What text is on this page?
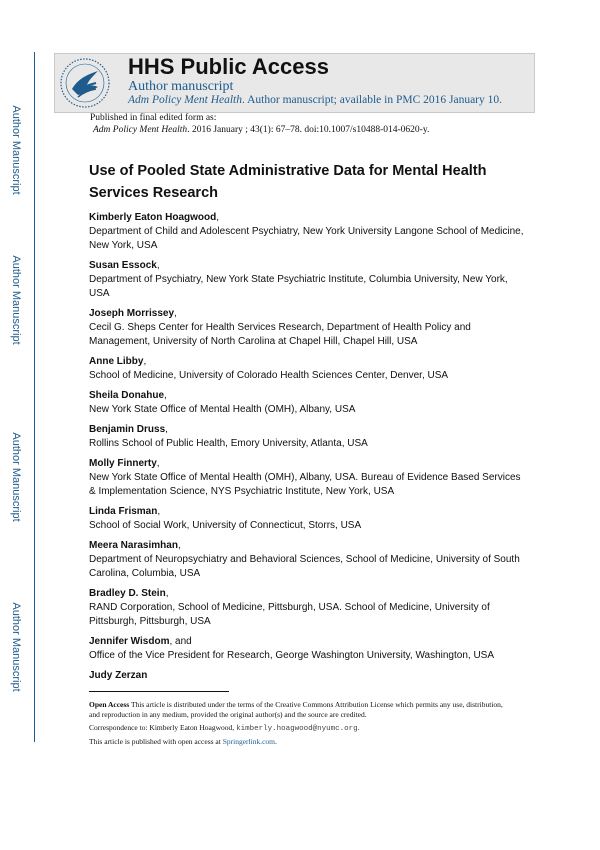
Author Manuscript
Author Manuscript
Author Manuscript
Author Manuscript
HHS Public Access
Author manuscript
Adm Policy Ment Health. Author manuscript; available in PMC 2016 January 10.
Published in final edited form as:
Adm Policy Ment Health. 2016 January ; 43(1): 67–78. doi:10.1007/s10488-014-0620-y.
Use of Pooled State Administrative Data for Mental Health Services Research
Kimberly Eaton Hoagwood,
Department of Child and Adolescent Psychiatry, New York University Langone School of Medicine, New York, USA
Susan Essock,
Department of Psychiatry, New York State Psychiatric Institute, Columbia University, New York, USA
Joseph Morrissey,
Cecil G. Sheps Center for Health Services Research, Department of Health Policy and Management, University of North Carolina at Chapel Hill, Chapel Hill, USA
Anne Libby,
School of Medicine, University of Colorado Health Sciences Center, Denver, USA
Sheila Donahue,
New York State Office of Mental Health (OMH), Albany, USA
Benjamin Druss,
Rollins School of Public Health, Emory University, Atlanta, USA
Molly Finnerty,
New York State Office of Mental Health (OMH), Albany, USA. Bureau of Evidence Based Services & Implementation Science, NYS Psychiatric Institute, New York, USA
Linda Frisman,
School of Social Work, University of Connecticut, Storrs, USA
Meera Narasimhan,
Department of Neuropsychiatry and Behavioral Sciences, School of Medicine, University of South Carolina, Columbia, USA
Bradley D. Stein,
RAND Corporation, School of Medicine, Pittsburgh, USA. School of Medicine, University of Pittsburgh, Pittsburgh, USA
Jennifer Wisdom, and
Office of the Vice President for Research, George Washington University, Washington, USA
Judy Zerzan

Open Access This article is distributed under the terms of the Creative Commons Attribution License which permits any use, distribution, and reproduction in any medium, provided the original author(s) and the source are credited.

Correspondence to: Kimberly Eaton Hoagwood, kimberly.hoagwood@nyumc.org.

This article is published with open access at Springerlink.com.
